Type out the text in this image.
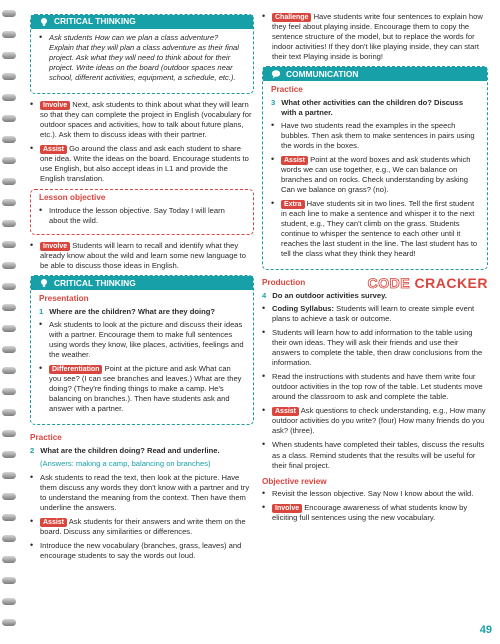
CRITICAL THINKING
• Ask students How can we plan a class adventure? Explain that they will plan a class adventure as their final project. Ask what they will need to think about for their project. Write ideas on the board (outdoor spaces near school, different activities, equipment, a schedule, etc.).
• Involve Next, ask students to think about what they will learn so that they can complete the project in English (vocabulary for outdoor spaces and activities, how to talk about future plans, etc.). Ask them to discuss ideas with their partner.
• Assist Go around the class and ask each student to share one idea. Write the ideas on the board. Encourage students to use English, but also accept ideas in L1 and provide the English translation.
Lesson objective
• Introduce the lesson objective. Say Today I will learn about the wild.
• Involve Students will learn to recall and identify what they already know about the wild and learn some new language to be able to discuss those ideas in English.
CRITICAL THINKING
Presentation
1 Where are the children? What are they doing?
• Ask students to look at the picture and discuss their ideas with a partner. Encourage them to make full sentences using words they know, like places, activities, feelings and the weather.
• Differentiation Point at the picture and ask What can you see? (I can see branches and leaves.) What are they doing? (They're finding things to make a camp. He's balancing on branches.). Then have students ask and answer with a partner.
Practice
2 What are the children doing? Read and underline.
(Answers: making a camp, balancing on branches)
• Ask students to read the text, then look at the picture. Have them discuss any words they don't know with a partner and try to understand the meaning from the context. Then have them underline the answers.
• Assist Ask students for their answers and write them on the board. Discuss any similarities or differences.
• Introduce the new vocabulary (branches, grass, leaves) and encourage students to say the words out loud.
• Challenge Have students write four sentences to explain how they feel about playing inside. Encourage them to copy the sentence structure of the model, but to replace the words for indoor activities! If they don't like playing inside, they can start their text Playing inside is boring!
COMMUNICATION
Practice
3 What other activities can the children do? Discuss with a partner.
• Have two students read the examples in the speech bubbles. Then ask them to make sentences in pairs using the words in the boxes.
• Assist Point at the word boxes and ask students which words we can use together, e.g., We can balance on branches and on rocks. Check understanding by asking Can we balance on grass? (no).
• Extra Have students sit in two lines. Tell the first student in each line to make a sentence and whisper it to the next student, e.g., They can't climb on the grass. Students continue to whisper the sentence to each other until it reaches the last student in the line. The last student has to tell the class what they think they heard!
CODE CRACKER
Production
4 Do an outdoor activities survey.
• Coding Syllabus: Students will learn to create simple event plans to achieve a task or outcome.
• Students will learn how to add information to the table using their own ideas. They will ask their friends and use their answers to complete the table, then draw conclusions from the information.
• Read the instructions with students and have them write four outdoor activities in the top row of the table. Let students move around the classroom to ask and complete the table.
• Assist Ask questions to check understanding, e.g., How many outdoor activities do you write? (four) How many friends do you ask? (three).
• When students have completed their tables, discuss the results as a class. Remind students that the results will be useful for their final project.
Objective review
• Revisit the lesson objective. Say Now I know about the wild.
• Involve Encourage awareness of what students know by eliciting full sentences using the new vocabulary.
49
